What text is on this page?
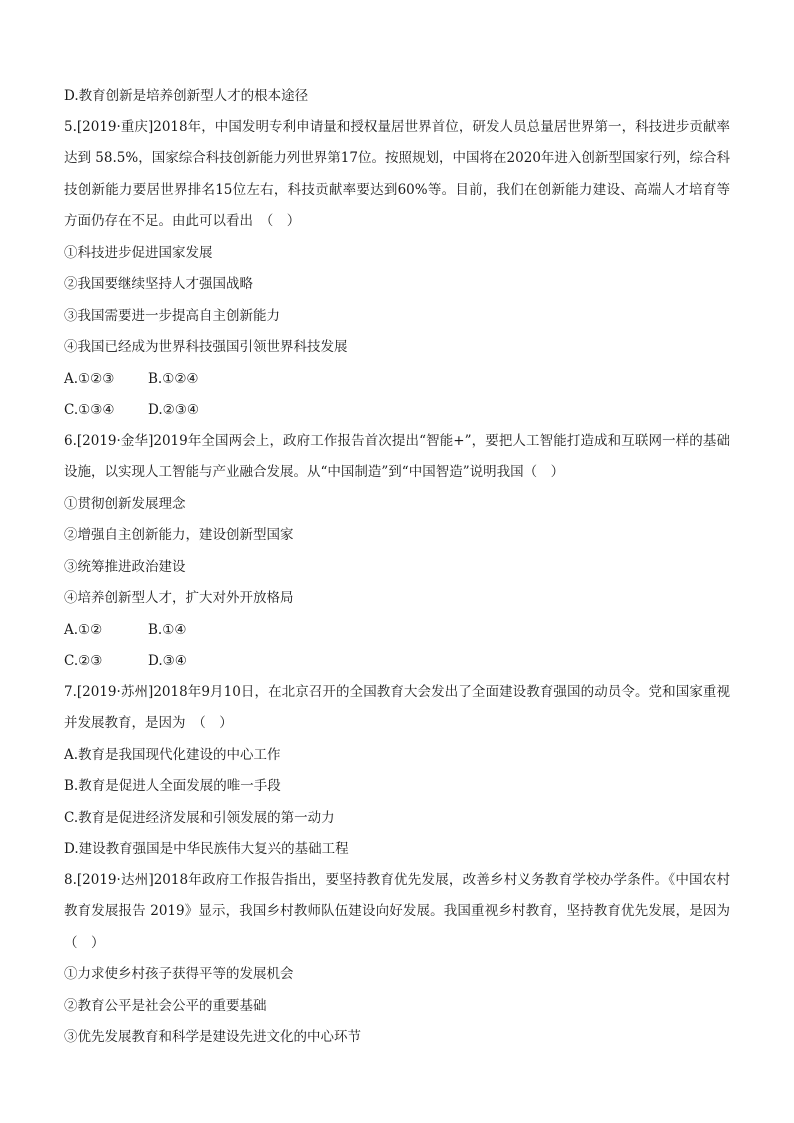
D.教育创新是培养创新型人才的根本途径
5.[2019·重庆]2018年，中国发明专利申请量和授权量居世界首位，研发人员总量居世界第一，科技进步贡献率达到 58.5%，国家综合科技创新能力列世界第17位。按照规划，中国将在2020年进入创新型国家行列，综合科技创新能力要居世界排名15位左右，科技贡献率要达到60%等。目前，我们在创新能力建设、高端人才培育等方面仍存在不足。由此可以看出　（　）
①科技进步促进国家发展
②我国要继续坚持人才强国战略
③我国需要进一步提高自主创新能力
④我国已经成为世界科技强国引领世界科技发展
A.①②③ B.①②④
C.①③④ D.②③④
6.[2019·金华]2019年全国两会上，政府工作报告首次提出“智能+”，要把人工智能打造成和互联网一样的基础设施，以实现人工智能与产业融合发展。从“中国制造”到“中国智造”说明我国（　）
①贯彻创新发展理念
②增强自主创新能力，建设创新型国家
③统筹推进政治建设
④培养创新型人才，扩大对外开放格局
A.①②	B.①④
C.②③	D.③④
7.[2019·苏州]2018年9月10日，在北京召开的全国教育大会发出了全面建设教育强国的动员令。党和国家重视并发展教育，是因为　（　）
A.教育是我国现代化建设的中心工作
B.教育是促进人全面发展的唯一手段
C.教育是促进经济发展和引领发展的第一动力
D.建设教育强国是中华民族伟大复兴的基础工程
8.[2019·达州]2018年政府工作报告指出，要坚持教育优先发展，改善乡村义务教育学校办学条件。《中国农村教育发展报告 2019》显示，我国乡村教师队伍建设向好发展。我国重视乡村教育，坚持教育优先发展，是因为　（　）
①力求使乡村孩子获得平等的发展机会
②教育公平是社会公平的重要基础
③优先发展教育和科学是建设先进文化的中心环节
